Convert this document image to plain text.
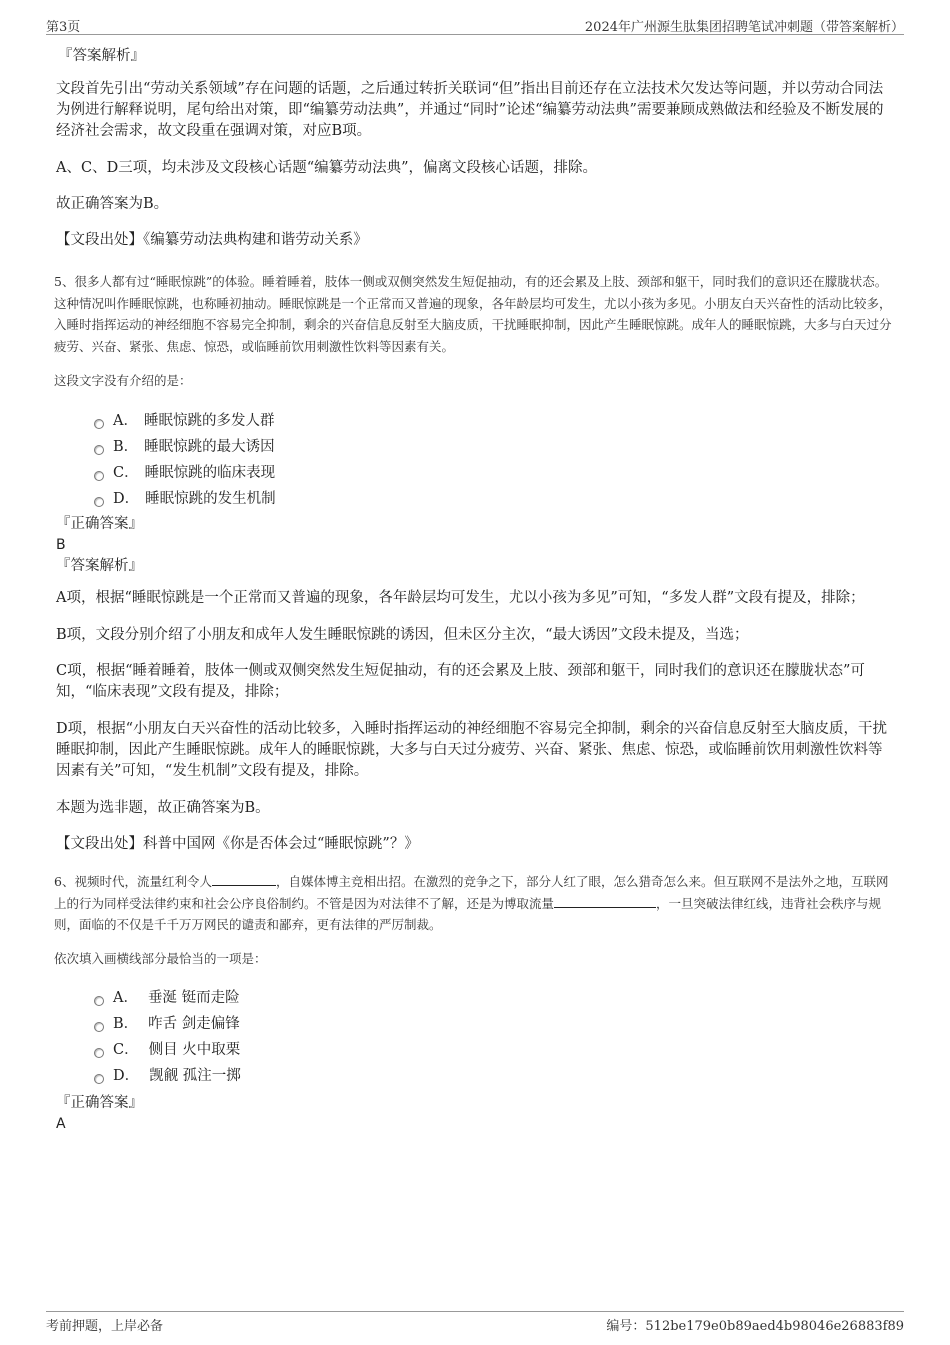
第3页	2024年广州源生肽集团招聘笔试冲刺题（带答案解析）
『答案解析』

文段首先引出“劳动关系领域”存在问题的话题，之后通过转折关联词“但”指出目前还存在立法技术欠发达等问题，并以劳动合同法为例进行解释说明，尾句给出对策，即“编纂劳动法典”，并通过“同时”论述“编纂劳动法典”需要兼顾成熟做法和经验及不断发展的经济社会需求，故文段重在强调对策，对应B项。

A、C、D三项，均未涉及文段核心话题“编纂劳动法典”，偏离文段核心话题，排除。

故正确答案为B。

【文段出处】《编纂劳动法典构建和谐劳动关系》

5、很多人都有过“睡眠惊跳”的体验。睡着睡着，肢体一侧或双侧突然发生短促抽动，有的还会累及上肢、颈部和躯干，同时我们的意识还在朦胧状态。这种情况叫作睡眠惊跳，也称睡初抽动。睡眠惊跳是一个正常而又普遍的现象，各年龄层均可发生，尤以小孩为多见。小朋友白天兴奋性的活动比较多，入睡时指挥运动的神经细胞不容易完全抑制，剩余的兴奋信息反射至大脑皮质，干扰睡眠抑制，因此产生睡眠惊跳。成年人的睡眠惊跳，大多与白天过分疲劳、兴奋、紧张、焦虑、惊恐，或临睡前饮用刺激性饮料等因素有关。

这段文字没有介绍的是：

A． 睡眠惊跳的多发人群
B． 睡眠惊跳的最大诱因
C． 睡眠惊跳的临床表现
D． 睡眠惊跳的发生机制
『正确答案』
B
『答案解析』

A项，根据“睡眠惊跳是一个正常而又普遍的现象，各年龄层均可发生，尤以小孩为多见”可知，“多发人群”文段有提及，排除；

B项，文段分别介绍了小朋友和成年人发生睡眠惊跳的诱因，但未区分主次，“最大诱因”文段未提及，当选；

C项，根据“睡着睡着，肢体一侧或双侧突然发生短促抽动，有的还会累及上肢、颈部和躯干，同时我们的意识还在朦胧状态”可知，“临床表现”文段有提及，排除；

D项，根据“小朋友白天兴奋性的活动比较多，入睡时指挥运动的神经细胞不容易完全抑制，剩余的兴奋信息反射至大脑皮质，干扰睡眠抑制，因此产生睡眠惊跳。成年人的睡眠惊跳，大多与白天过分疲劳、兴奋、紧张、焦虑、惊恐，或临睡前饮用刺激性饮料等因素有关”可知，“发生机制”文段有提及，排除。

本题为选非题，故正确答案为B。

【文段出处】科普中国网《你是否体会过“睡眠惊跳”？》

6、视频时代，流量红利令人	，自媒体博主竞相出招。在激烈的竞争之下，部分人红了眼，怎么猎奇怎么来。但互联网不是法外之地，互联网上的行为同样受法律约束和社会公序良俗制约。不管是因为对法律不了解，还是为博取流量	，一旦突破法律红线，违背社会秩序与规则，面临的不仅是千千万万网民的谴责和鄙弃，更有法律的严厉制裁。

依次填入画横线部分最恰当的一项是：

A． 垂涎 铤而走险
B． 咋舌 剑走偏锋
C． 侧目 火中取栗
D． 觊觎 孤注一掷
『正确答案』
A
考前押题，上岸必备	编号：512be179e0b89aed4b98046e26883f89
